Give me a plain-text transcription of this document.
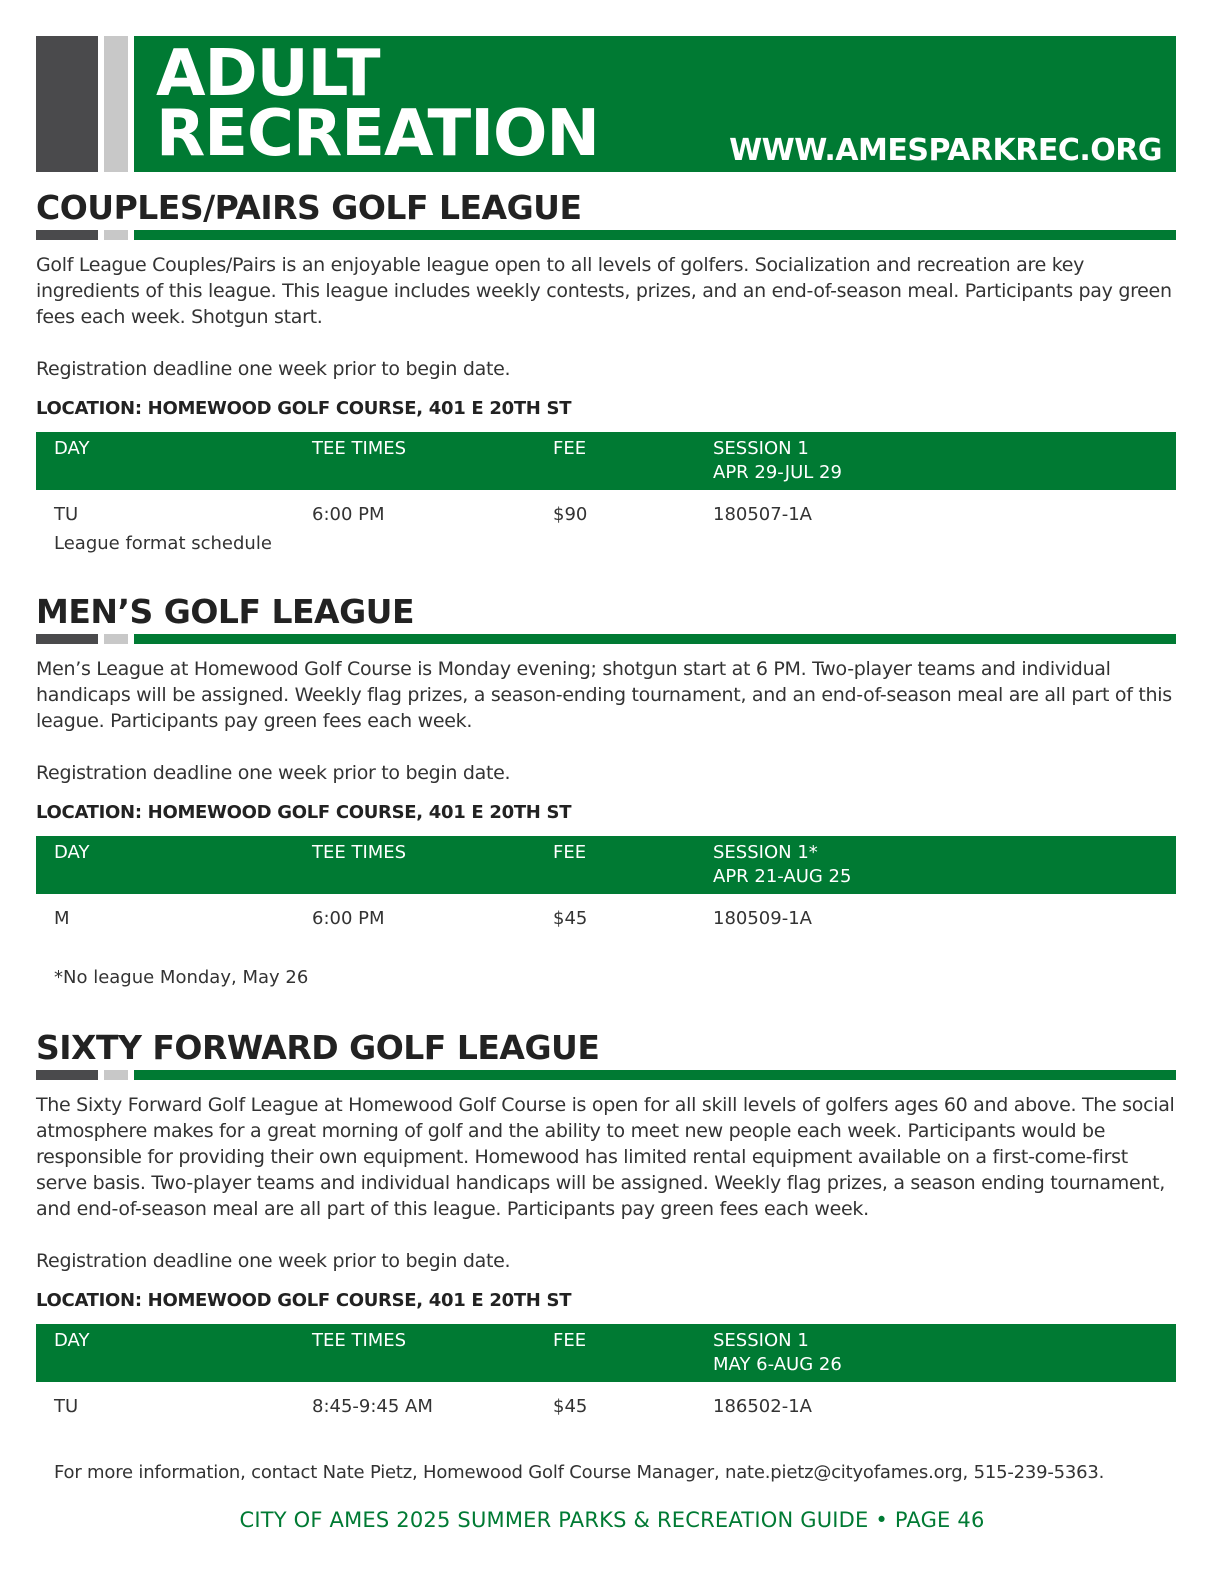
ADULT
RECREATION	WWW.AMESPARKREC.ORG
COUPLES/PAIRS GOLF LEAGUE
Golf League Couples/Pairs is an enjoyable league open to all levels of golfers. Socialization and recreation are key ingredients of this league. This league includes weekly contests, prizes, and an end-of-season meal. Participants pay green fees each week. Shotgun start.
Registration deadline one week prior to begin date.
LOCATION: HOMEWOOD GOLF COURSE, 401 E 20TH ST
DAY	TEE TIMES	FEE	SESSION 1
APR 29-JUL 29
TU	6:00 PM	$90	180507-1A
League format schedule
MEN’S GOLF LEAGUE
Men’s League at Homewood Golf Course is Monday evening; shotgun start at 6 PM. Two-player teams and individual handicaps will be assigned. Weekly flag prizes, a season-ending tournament, and an end-of-season meal are all part of this league. Participants pay green fees each week.
Registration deadline one week prior to begin date.
LOCATION: HOMEWOOD GOLF COURSE, 401 E 20TH ST
DAY	TEE TIMES	FEE	SESSION 1*
APR 21-AUG 25
M	6:00 PM	$45	180509-1A
*No league Monday, May 26
SIXTY FORWARD GOLF LEAGUE
The Sixty Forward Golf League at Homewood Golf Course is open for all skill levels of golfers ages 60 and above. The social atmosphere makes for a great morning of golf and the ability to meet new people each week. Participants would be responsible for providing their own equipment. Homewood has limited rental equipment available on a first-come-first serve basis. Two-player teams and individual handicaps will be assigned. Weekly flag prizes, a season ending tournament, and end-of-season meal are all part of this league. Participants pay green fees each week.
Registration deadline one week prior to begin date.
LOCATION: HOMEWOOD GOLF COURSE, 401 E 20TH ST
DAY	TEE TIMES	FEE	SESSION 1
MAY 6-AUG 26
TU	8:45-9:45 AM	$45	186502-1A
For more information, contact Nate Pietz, Homewood Golf Course Manager, nate.pietz@cityofames.org, 515-239-5363.
CITY OF AMES 2025 SUMMER PARKS & RECREATION GUIDE • PAGE 46
